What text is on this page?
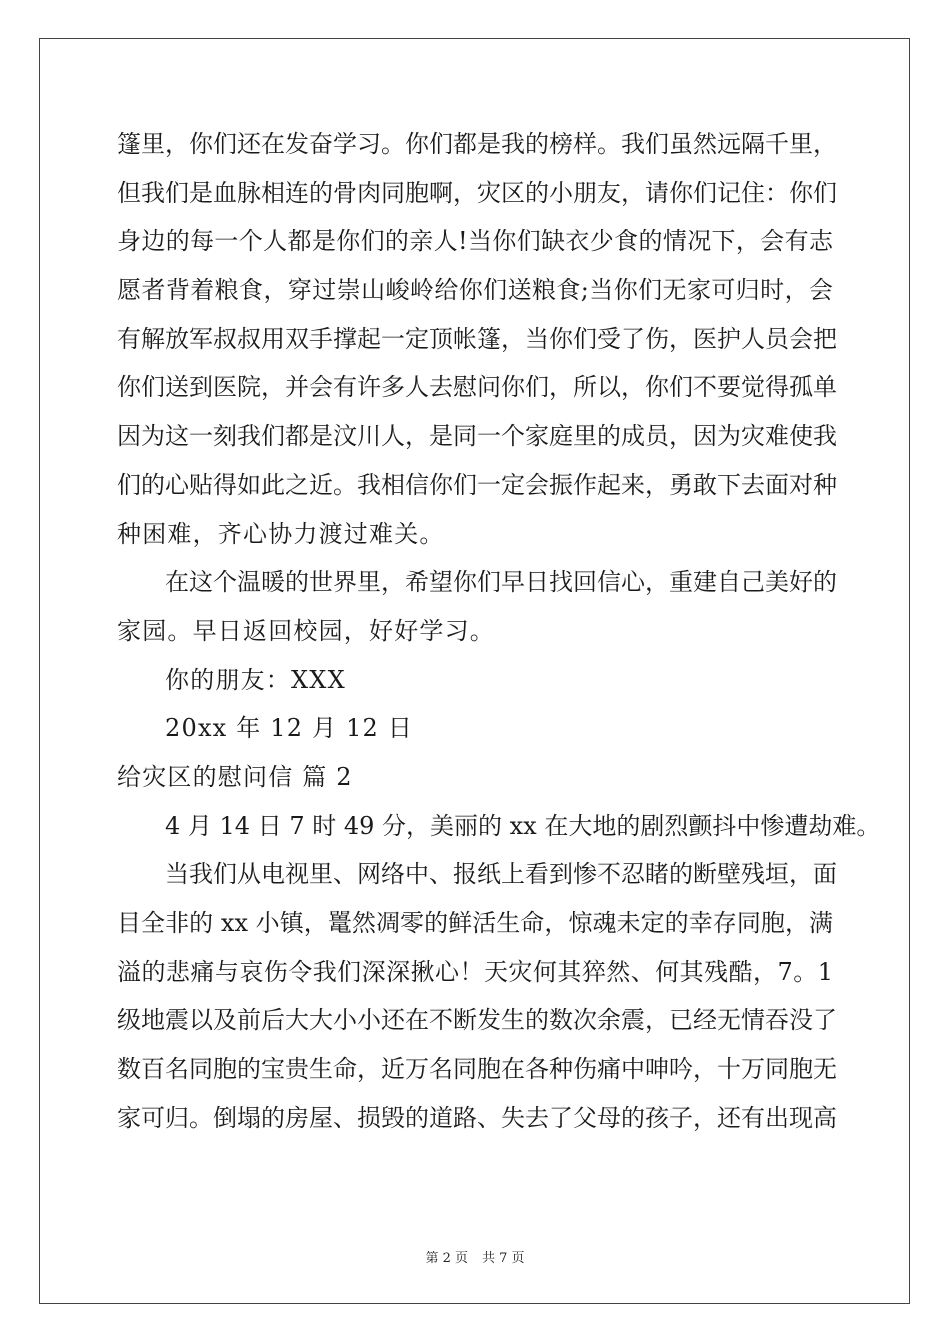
篷里，你们还在发奋学习。你们都是我的榜样。我们虽然远隔千里，
但我们是血脉相连的骨肉同胞啊，灾区的小朋友，请你们记住：你们
身边的每一个人都是你们的亲人!当你们缺衣少食的情况下，会有志
愿者背着粮食，穿过崇山峻岭给你们送粮食;当你们无家可归时，会
有解放军叔叔用双手撑起一定顶帐篷，当你们受了伤，医护人员会把
你们送到医院，并会有许多人去慰问你们，所以，你们不要觉得孤单
因为这一刻我们都是汶川人，是同一个家庭里的成员，因为灾难使我
们的心贴得如此之近。我相信你们一定会振作起来，勇敢下去面对种
种困难，齐心协力渡过难关。
在这个温暖的世界里，希望你们早日找回信心，重建自己美好的
家园。早日返回校园，好好学习。
你的朋友：XXX
20xx 年 12 月 12 日
给灾区的慰问信 篇 2
4 月 14 日 7 时 49 分，美丽的 xx 在大地的剧烈颤抖中惨遭劫难。
当我们从电视里、网络中、报纸上看到惨不忍睹的断壁残垣，面
目全非的 xx 小镇，鼍然凋零的鲜活生命，惊魂未定的幸存同胞，满
溢的悲痛与哀伤令我们深深揪心！天灾何其猝然、何其残酷，7。1
级地震以及前后大大小小还在不断发生的数次余震，已经无情吞没了
数百名同胞的宝贵生命，近万名同胞在各种伤痛中呻吟，十万同胞无
家可归。倒塌的房屋、损毁的道路、失去了父母的孩子，还有出现高
第 2 页 共 7 页
